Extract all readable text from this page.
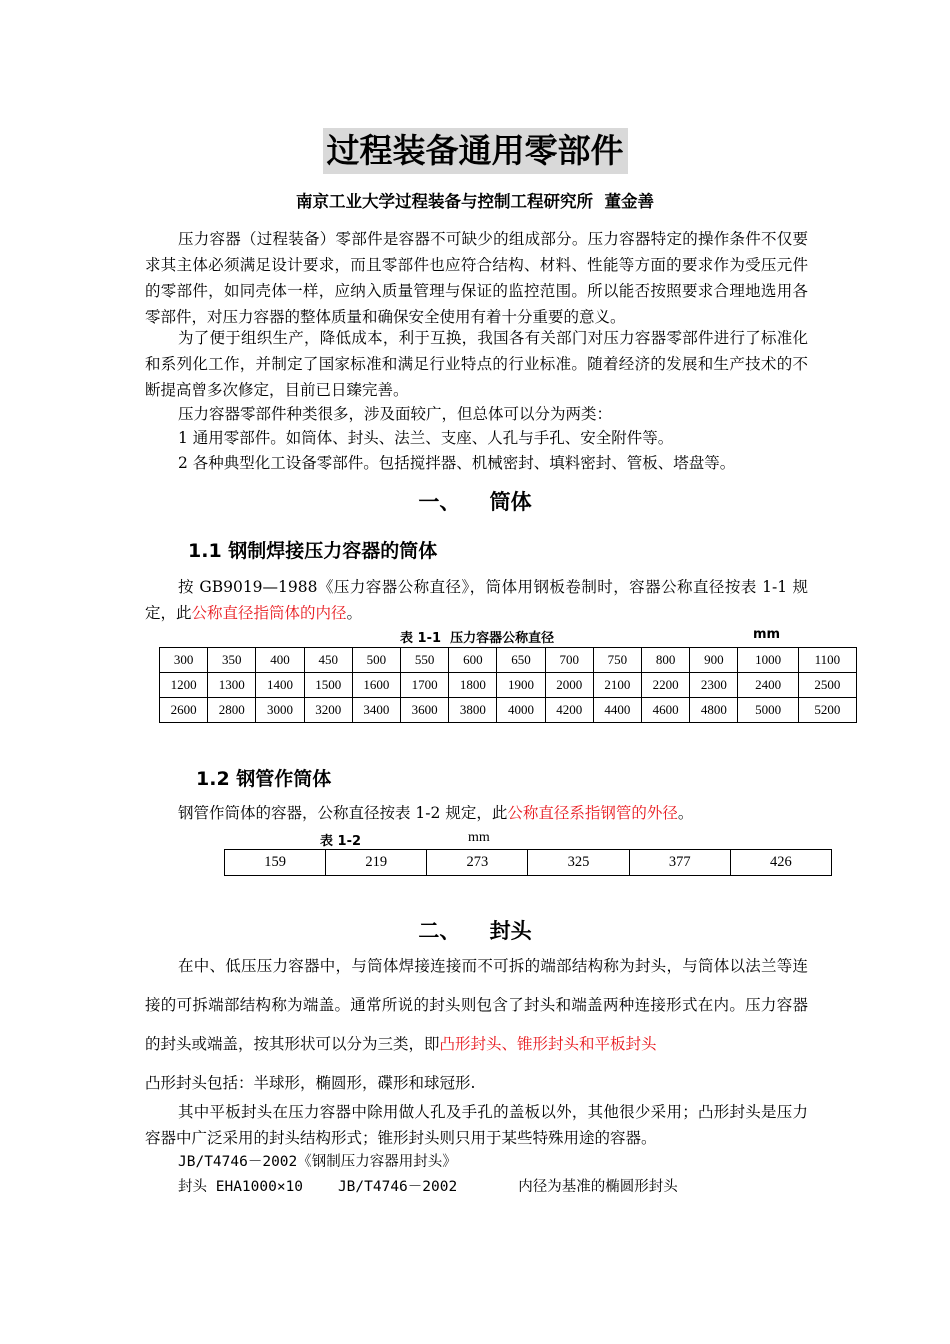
过程装备通用零部件
南京工业大学过程装备与控制工程研究所  董金善
压力容器（过程装备）零部件是容器不可缺少的组成部分。压力容器特定的操作条件不仅要求其主体必须满足设计要求，而且零部件也应符合结构、材料、性能等方面的要求作为受压元件的零部件，如同壳体一样，应纳入质量管理与保证的监控范围。所以能否按照要求合理地选用各零部件，对压力容器的整体质量和确保安全使用有着十分重要的意义。
为了便于组织生产，降低成本，利于互换，我国各有关部门对压力容器零部件进行了标准化和系列化工作，并制定了国家标准和满足行业特点的行业标准。随着经济的发展和生产技术的不断提高曾多次修定，目前已日臻完善。
压力容器零部件种类很多，涉及面较广，但总体可以分为两类：
1 通用零部件。如筒体、封头、法兰、支座、人孔与手孔、安全附件等。
2 各种典型化工设备零部件。包括搅拌器、机械密封、填料密封、管板、塔盘等。
一、    筒体
1.1 钢制焊接压力容器的筒体
按 GB9019—1988《压力容器公称直径》，筒体用钢板卷制时，容器公称直径按表 1-1 规定，此公称直径指筒体的内径。
表 1-1  压力容器公称直径	mm
300	350	400	450	500	550	600	650	700	750	800	900	1000	1100
1200	1300	1400	1500	1600	1700	1800	1900	2000	2100	2200	2300	2400	2500
2600	2800	3000	3200	3400	3600	3800	4000	4200	4400	4600	4800	5000	5200
1.2 钢管作筒体
钢管作筒体的容器，公称直径按表 1-2 规定，此公称直径系指钢管的外径。
表 1-2	mm
159	219	273	325	377	426
二、    封头
在中、低压压力容器中，与筒体焊接连接而不可拆的端部结构称为封头，与筒体以法兰等连接的可拆端部结构称为端盖。通常所说的封头则包含了封头和端盖两种连接形式在内。压力容器的封头或端盖，按其形状可以分为三类，即凸形封头、锥形封头和平板封头
凸形封头包括：半球形，椭圆形，碟形和球冠形.
其中平板封头在压力容器中除用做人孔及手孔的盖板以外，其他很少采用；凸形封头是压力容器中广泛采用的封头结构形式；锥形封头则只用于某些特殊用途的容器。
JB/T4746－2002《钢制压力容器用封头》
封头 EHA1000×10    JB/T4746－2002       内径为基准的椭圆形封头
